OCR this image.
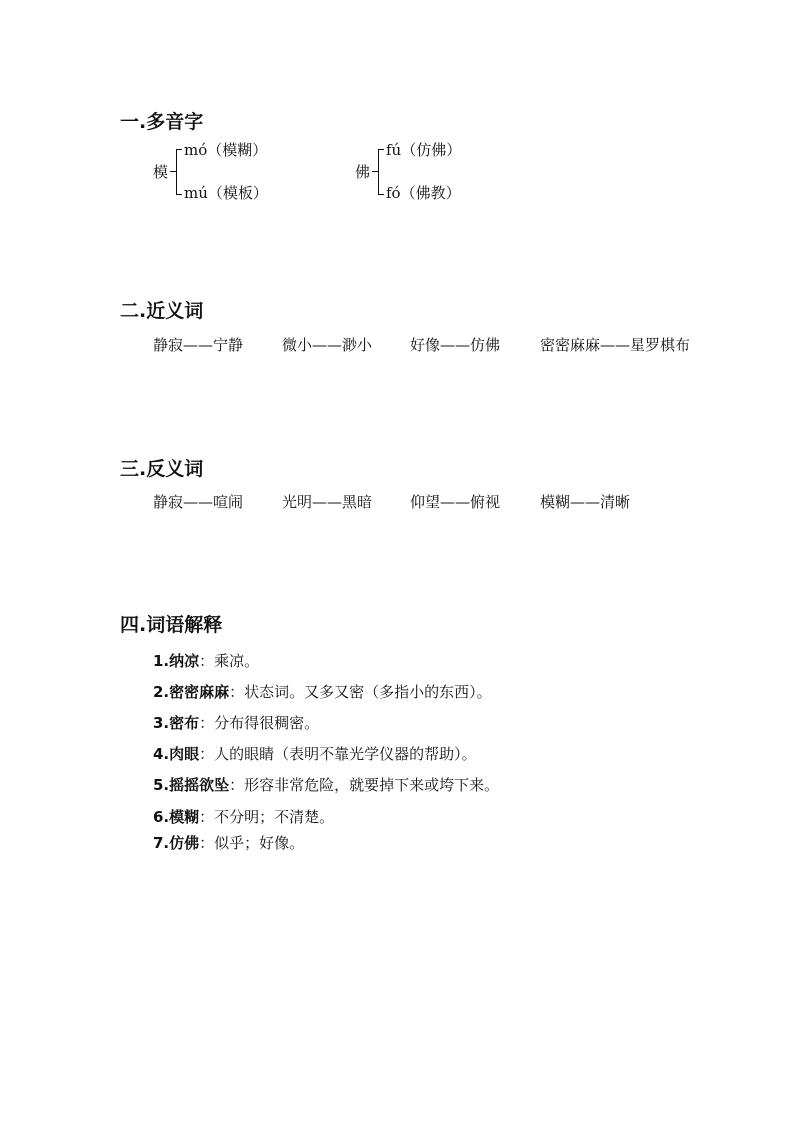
一.多音字
模
mó（模糊）
mú（模板）
佛
fú（仿佛）
fó（佛教）
二.近义词
静寂——宁静	微小——渺小	好像——仿佛	密密麻麻——星罗棋布
三.反义词
静寂——喧闹	光明——黑暗	仰望——俯视	模糊——清晰
四.词语解释
1.纳凉：乘凉。
2.密密麻麻：状态词。又多又密（多指小的东西）。
3.密布：分布得很稠密。
4.肉眼：人的眼睛（表明不靠光学仪器的帮助）。
5.摇摇欲坠：形容非常危险，就要掉下来或垮下来。
6.模糊：不分明；不清楚。
7.仿佛：似乎；好像。
